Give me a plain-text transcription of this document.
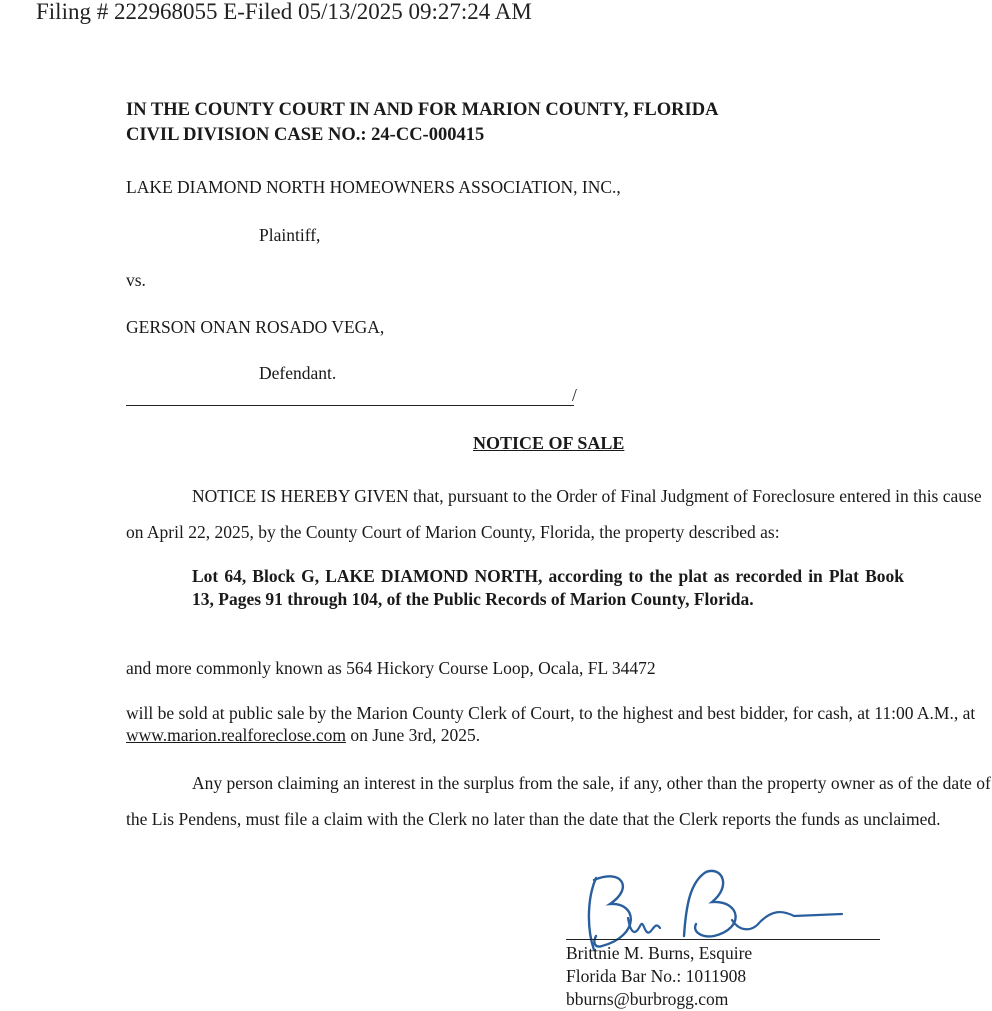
Filing # 222968055 E-Filed 05/13/2025 09:27:24 AM
IN THE COUNTY COURT IN AND FOR MARION COUNTY, FLORIDA
CIVIL DIVISION CASE NO.: 24-CC-000415
LAKE DIAMOND NORTH HOMEOWNERS ASSOCIATION, INC.,
Plaintiff,
vs.
GERSON ONAN ROSADO VEGA,
Defendant.
/
NOTICE OF SALE
NOTICE IS HEREBY GIVEN that, pursuant to the Order of Final Judgment of Foreclosure entered in this cause on April 22, 2025, by the County Court of Marion County, Florida, the property described as:
Lot 64, Block G, LAKE DIAMOND NORTH, according to the plat as recorded in Plat Book 13, Pages 91 through 104, of the Public Records of Marion County, Florida.
and more commonly known as 564 Hickory Course Loop, Ocala, FL 34472
will be sold at public sale by the Marion County Clerk of Court, to the highest and best bidder, for cash, at 11:00 A.M., at www.marion.realforeclose.com on June 3rd, 2025.
Any person claiming an interest in the surplus from the sale, if any, other than the property owner as of the date of the Lis Pendens, must file a claim with the Clerk no later than the date that the Clerk reports the funds as unclaimed.
Brittnie M. Burns, Esquire
Florida Bar No.: 1011908
bburns@burbrogg.com
